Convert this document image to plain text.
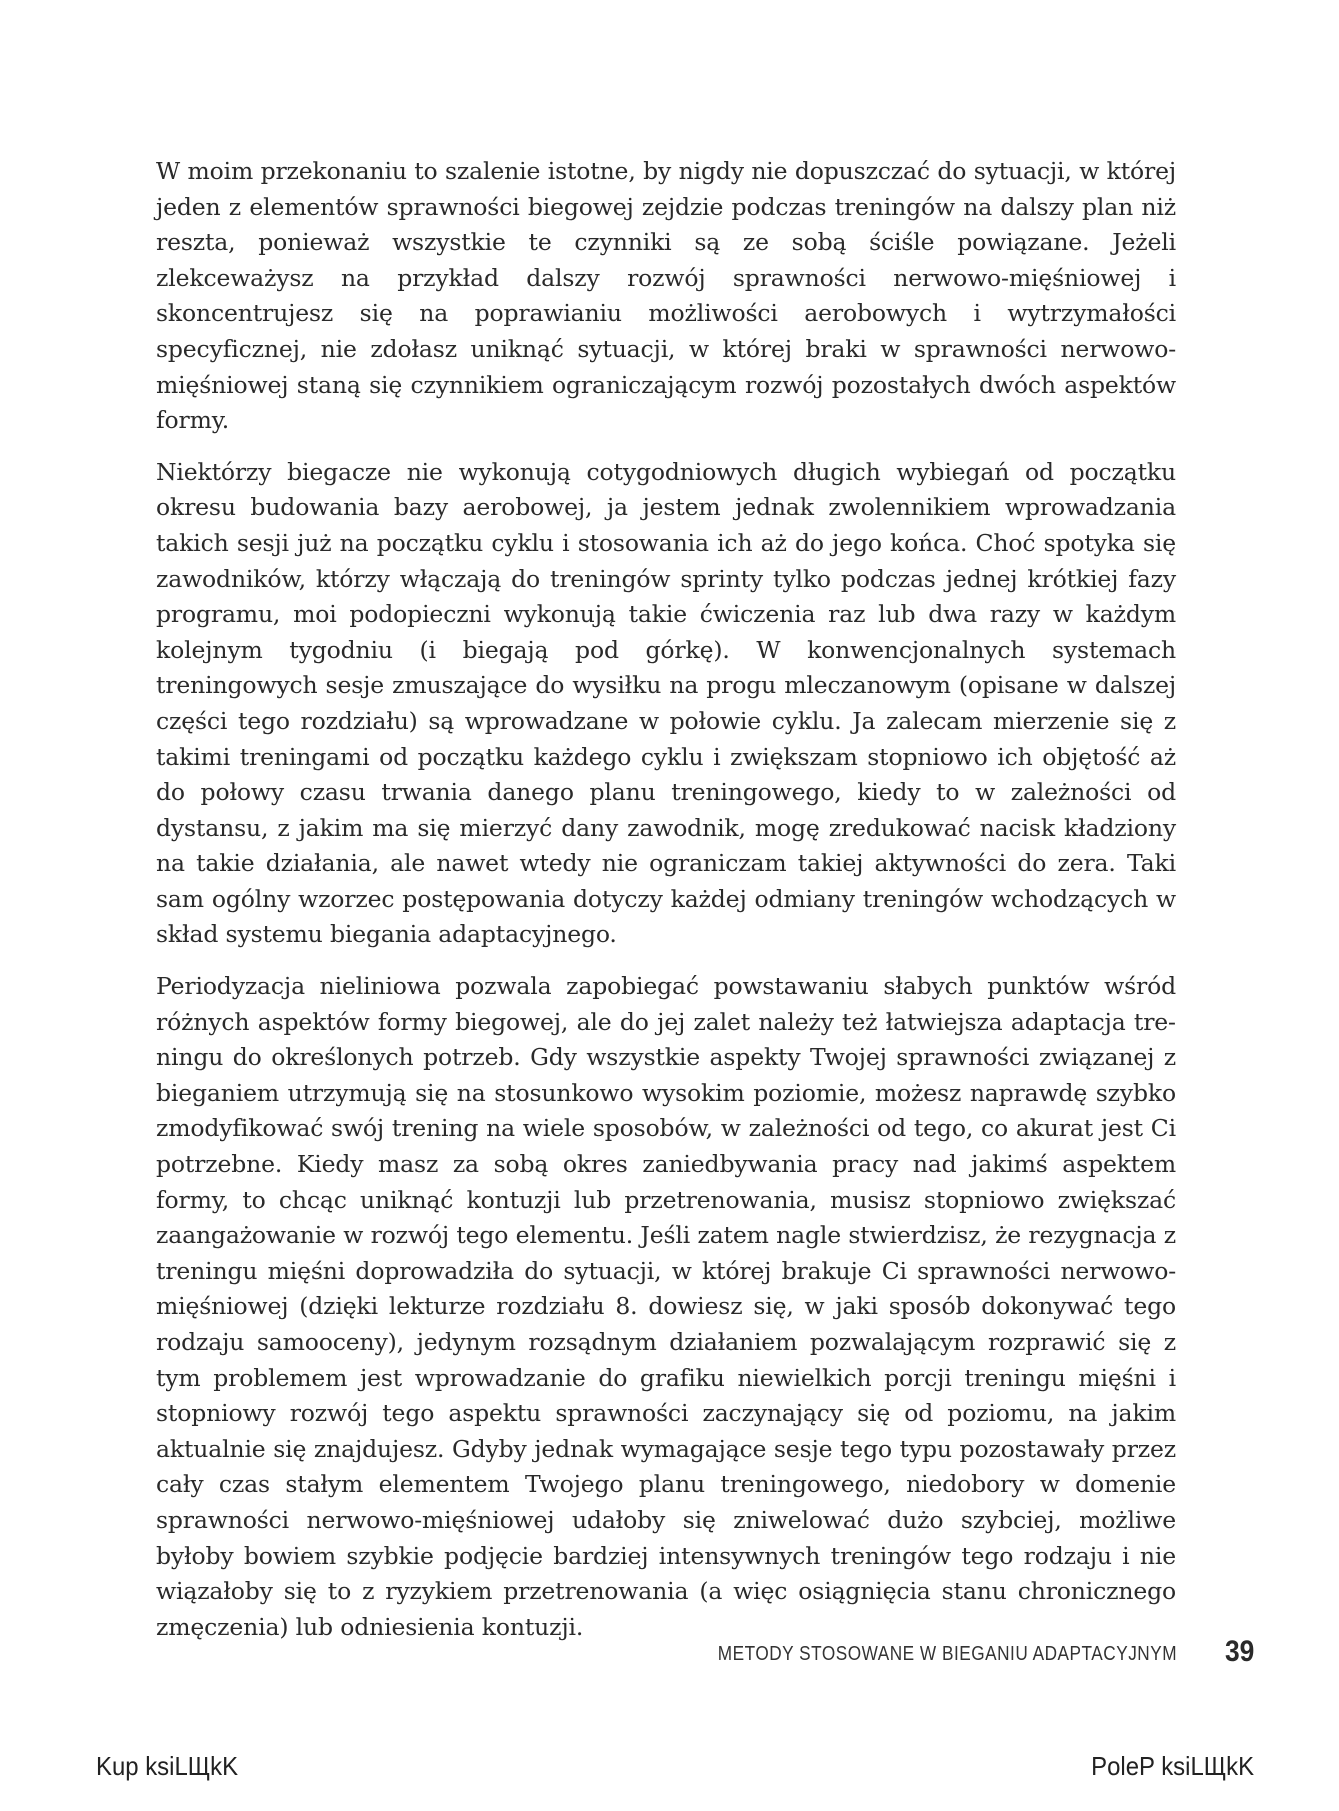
W moim przekonaniu to szalenie istotne, by nigdy nie dopuszczać do sytuacji, w której jeden z elementów sprawności biegowej zejdzie podczas treningów na dalszy plan niż reszta, ponieważ wszystkie te czynniki są ze sobą ściśle powiązane. Jeżeli zlekceważysz na przykład dalszy rozwój sprawności nerwowo-mięśniowej i skoncentrujesz się na poprawianiu możliwości aerobowych i wytrzymałości specyficznej, nie zdołasz uniknąć sytuacji, w której braki w sprawności nerwowo-mięśniowej staną się czynnikiem ograniczającym rozwój pozostałych dwóch aspektów formy.

Niektórzy biegacze nie wykonują cotygodniowych długich wybiegań od początku okresu budowania bazy aerobowej, ja jestem jednak zwolennikiem wprowadzania takich sesji już na początku cyklu i stosowania ich aż do jego końca. Choć spotyka się zawodników, którzy włączają do treningów sprinty tylko podczas jednej krótkiej fazy programu, moi podopieczni wykonują takie ćwiczenia raz lub dwa razy w każdym kolejnym tygodniu (i biegają pod górkę). W konwencjonalnych systemach treningowych sesje zmuszające do wysiłku na progu mleczanowym (opisane w dalszej części tego rozdziału) są wprowadzane w połowie cyklu. Ja zalecam mierzenie się z takimi treningami od początku każdego cyklu i zwiększam stopniowo ich objętość aż do połowy czasu trwania danego planu treningowego, kiedy to w zależności od dystansu, z jakim ma się mierzyć dany zawodnik, mogę zredukować nacisk kładziony na takie działania, ale nawet wtedy nie ograniczam takiej aktywności do zera. Taki sam ogólny wzorzec postępowania dotyczy każdej odmiany treningów wchodzących w skład systemu biegania adaptacyjnego.

Periodyzacja nieliniowa pozwala zapobiegać powstawaniu słabych punktów wśród różnych aspektów formy biegowej, ale do jej zalet należy też łatwiejsza adaptacja treningu do określonych potrzeb. Gdy wszystkie aspekty Twojej sprawności związanej z bieganiem utrzymują się na stosunkowo wysokim poziomie, możesz naprawdę szybko zmodyfikować swój trening na wiele sposobów, w zależności od tego, co akurat jest Ci potrzebne. Kiedy masz za sobą okres zaniedbywania pracy nad jakimś aspektem formy, to chcąc uniknąć kontuzji lub przetrenowania, musisz stopniowo zwiększać zaangażowanie w rozwój tego elementu. Jeśli zatem nagle stwierdzisz, że rezygnacja z treningu mięśni doprowadziła do sytuacji, w której brakuje Ci sprawności nerwowo-mięśniowej (dzięki lekturze rozdziału 8. dowiesz się, w jaki sposób dokonywać tego rodzaju samooceny), jedynym rozsądnym działaniem pozwalającym rozprawić się z tym problemem jest wprowadzanie do grafiku niewielkich porcji treningu mięśni i stopniowy rozwój tego aspektu sprawności zaczynający się od poziomu, na jakim aktualnie się znajdujesz. Gdyby jednak wymagające sesje tego typu pozostawały przez cały czas stałym elementem Twojego planu treningowego, niedobory w domenie sprawności nerwowo-mięśniowej udałoby się zniwelować dużo szybciej, możliwe byłoby bowiem szybkie podjęcie bardziej intensywnych treningów tego rodzaju i nie wiązałoby się to z ryzykiem przetrenowania (a więc osiągnięcia stanu chronicznego zmęczenia) lub odniesienia kontuzji.

METODY STOSOWANE W BIEGANIU ADAPTACYJNYM 39
Kup ksiLЩkK	PoleP ksiLЩkK
